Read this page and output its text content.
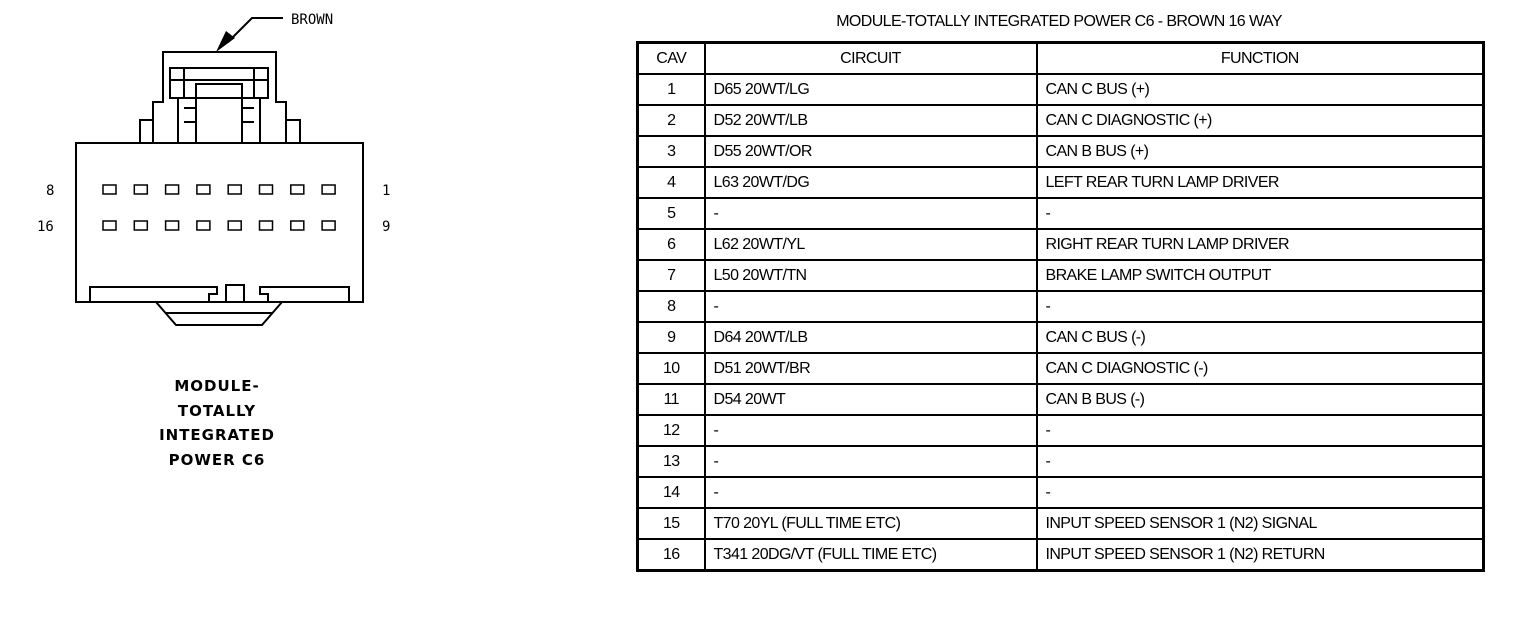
BROWN
8	1
16	9
MODULE-
TOTALLY
INTEGRATED
POWER C6
MODULE-TOTALLY INTEGRATED POWER C6 - BROWN 16 WAY
CAV	CIRCUIT	FUNCTION
1	D65 20WT/LG	CAN C BUS (+)
2	D52 20WT/LB	CAN C DIAGNOSTIC (+)
3	D55 20WT/OR	CAN B BUS (+)
4	L63 20WT/DG	LEFT REAR TURN LAMP DRIVER
5	-	-
6	L62 20WT/YL	RIGHT REAR TURN LAMP DRIVER
7	L50 20WT/TN	BRAKE LAMP SWITCH OUTPUT
8	-	-
9	D64 20WT/LB	CAN C BUS (-)
10	D51 20WT/BR	CAN C DIAGNOSTIC (-)
11	D54 20WT	CAN B BUS (-)
12	-	-
13	-	-
14	-	-
15	T70 20YL (FULL TIME ETC)	INPUT SPEED SENSOR 1 (N2) SIGNAL
16	T341 20DG/VT (FULL TIME ETC)	INPUT SPEED SENSOR 1 (N2) RETURN
